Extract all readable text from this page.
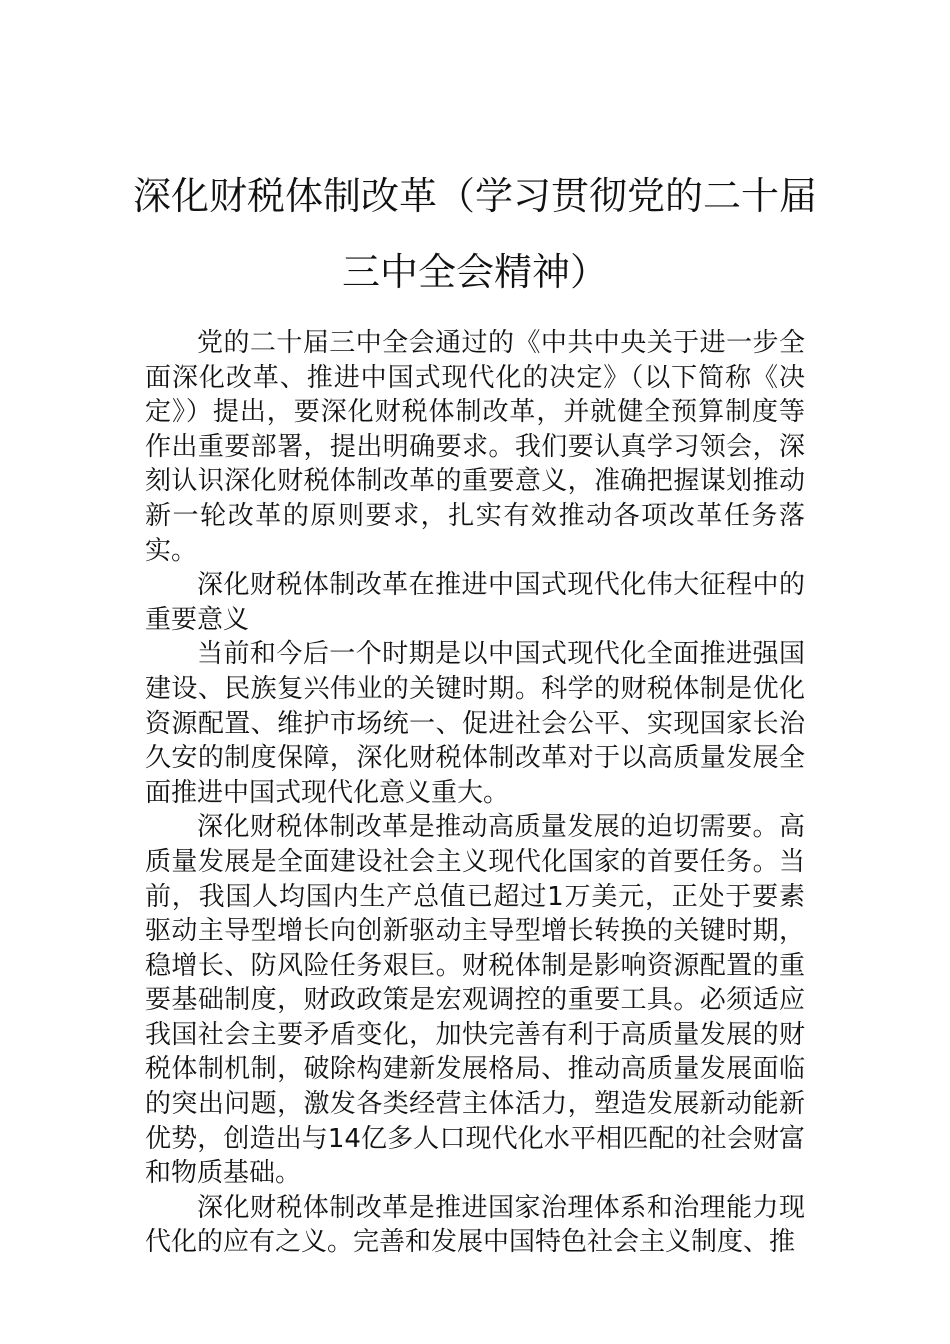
深化财税体制改革（学习贯彻党的二十届
三中全会精神）

党的二十届三中全会通过的《中共中央关于进一步全面深化改革、推进中国式现代化的决定》（以下简称《决定》）提出，要深化财税体制改革，并就健全预算制度等作出重要部署，提出明确要求。我们要认真学习领会，深刻认识深化财税体制改革的重要意义，准确把握谋划推动新一轮改革的原则要求，扎实有效推动各项改革任务落实。

深化财税体制改革在推进中国式现代化伟大征程中的重要意义

当前和今后一个时期是以中国式现代化全面推进强国建设、民族复兴伟业的关键时期。科学的财税体制是优化资源配置、维护市场统一、促进社会公平、实现国家长治久安的制度保障，深化财税体制改革对于以高质量发展全面推进中国式现代化意义重大。

深化财税体制改革是推动高质量发展的迫切需要。高质量发展是全面建设社会主义现代化国家的首要任务。当前，我国人均国内生产总值已超过1万美元，正处于要素驱动主导型增长向创新驱动主导型增长转换的关键时期，稳增长、防风险任务艰巨。财税体制是影响资源配置的重要基础制度，财政政策是宏观调控的重要工具。必须适应我国社会主要矛盾变化，加快完善有利于高质量发展的财税体制机制，破除构建新发展格局、推动高质量发展面临的突出问题，激发各类经营主体活力，塑造发展新动能新优势，创造出与14亿多人口现代化水平相匹配的社会财富和物质基础。

深化财税体制改革是推进国家治理体系和治理能力现代化的应有之义。完善和发展中国特色社会主义制度、推
